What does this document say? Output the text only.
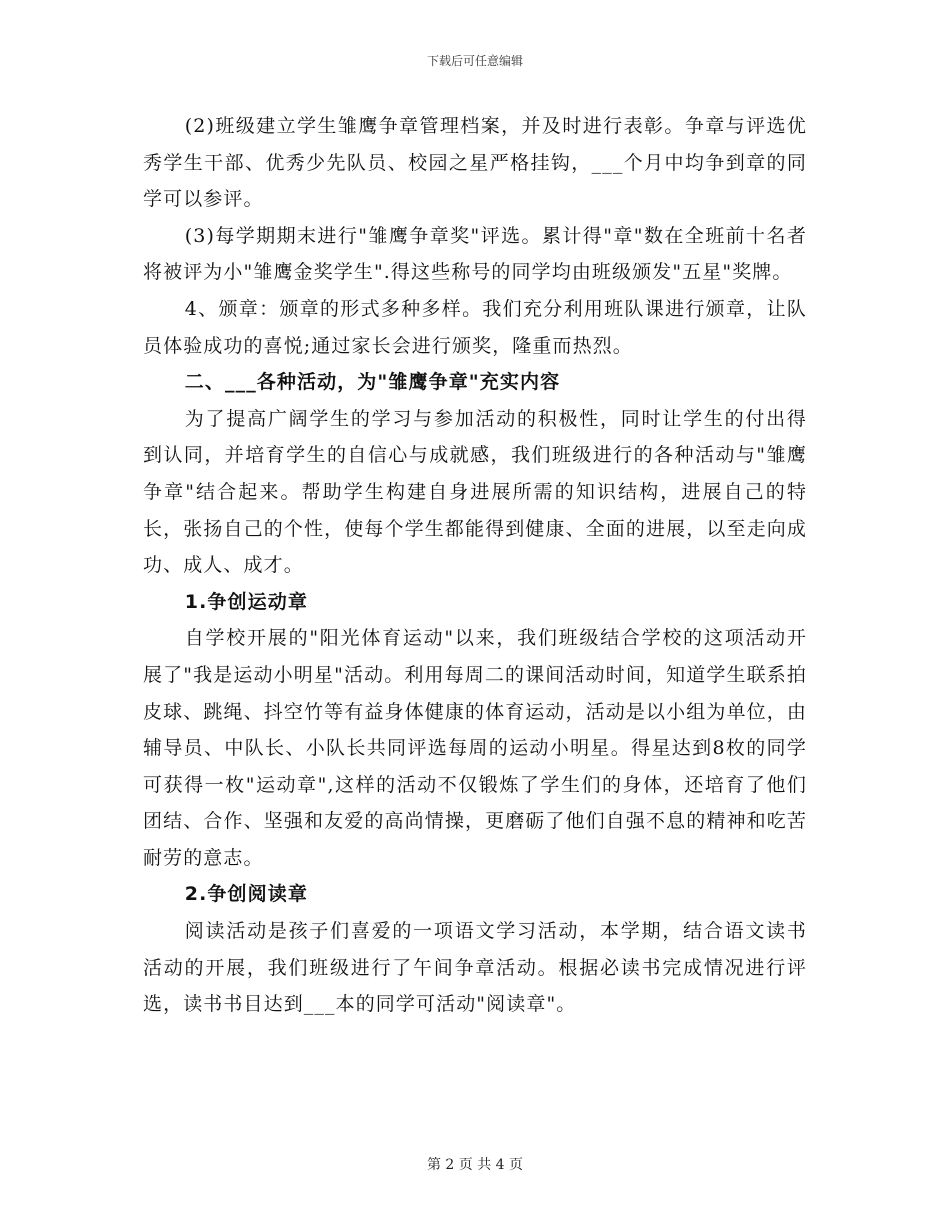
下载后可任意编辑

(2)班级建立学生雏鹰争章管理档案，并及时进行表彰。争章与评选优秀学生干部、优秀少先队员、校园之星严格挂钩，___个月中均争到章的同学可以参评。

(3)每学期期末进行"雏鹰争章奖"评选。累计得"章"数在全班前十名者将被评为小"雏鹰金奖学生".得这些称号的同学均由班级颁发"五星"奖牌。

4、颁章：颁章的形式多种多样。我们充分利用班队课进行颁章，让队员体验成功的喜悦;通过家长会进行颁奖，隆重而热烈。

二、___各种活动，为"雏鹰争章"充实内容

为了提高广阔学生的学习与参加活动的积极性，同时让学生的付出得到认同，并培育学生的自信心与成就感，我们班级进行的各种活动与"雏鹰争章"结合起来。帮助学生构建自身进展所需的知识结构，进展自己的特长，张扬自己的个性，使每个学生都能得到健康、全面的进展，以至走向成功、成人、成才。

1.争创运动章

自学校开展的"阳光体育运动"以来，我们班级结合学校的这项活动开展了"我是运动小明星"活动。利用每周二的课间活动时间，知道学生联系拍皮球、跳绳、抖空竹等有益身体健康的体育运动，活动是以小组为单位，由辅导员、中队长、小队长共同评选每周的运动小明星。得星达到8枚的同学可获得一枚"运动章",这样的活动不仅锻炼了学生们的身体，还培育了他们团结、合作、坚强和友爱的高尚情操，更磨砺了他们自强不息的精神和吃苦耐劳的意志。

2.争创阅读章

阅读活动是孩子们喜爱的一项语文学习活动，本学期，结合语文读书活动的开展，我们班级进行了午间争章活动。根据必读书完成情况进行评选，读书书目达到___本的同学可活动"阅读章"。

第 2 页 共 4 页
